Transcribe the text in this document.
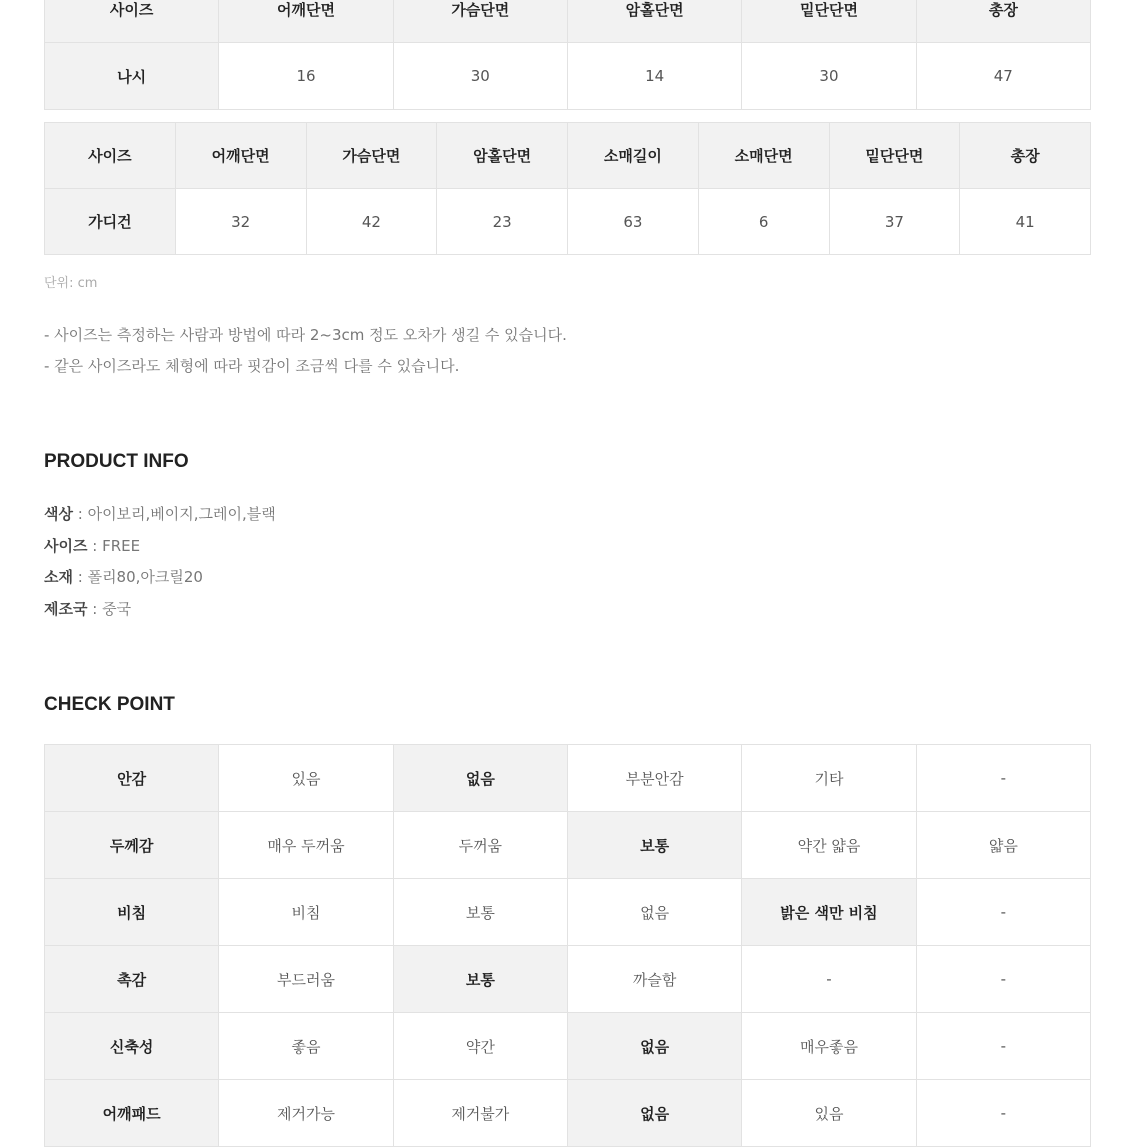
사이즈	어깨단면	가슴단면	암홀단면	밑단단면	총장
나시	16	30	14	30	47
사이즈	어깨단면	가슴단면	암홀단면	소매길이	소매단면	밑단단면	총장
가디건	32	42	23	63	6	37	41
단위: cm
- 사이즈는 측정하는 사람과 방법에 따라 2~3cm 정도 오차가 생길 수 있습니다.
- 같은 사이즈라도 체형에 따라 핏감이 조금씩 다를 수 있습니다.
PRODUCT INFO
색상 : 아이보리,베이지,그레이,블랙
사이즈 : FREE
소재 : 폴리80,아크릴20
제조국 : 중국
CHECK POINT
안감	있음	없음	부분안감	기타	-
두께감	매우 두꺼움	두꺼움	보통	약간 얇음	얇음
비침	비침	보통	없음	밝은 색만 비침	-
촉감	부드러움	보통	까슬함	-	-
신축성	좋음	약간	없음	매우좋음	-
어깨패드	제거가능	제거불가	없음	있음	-
